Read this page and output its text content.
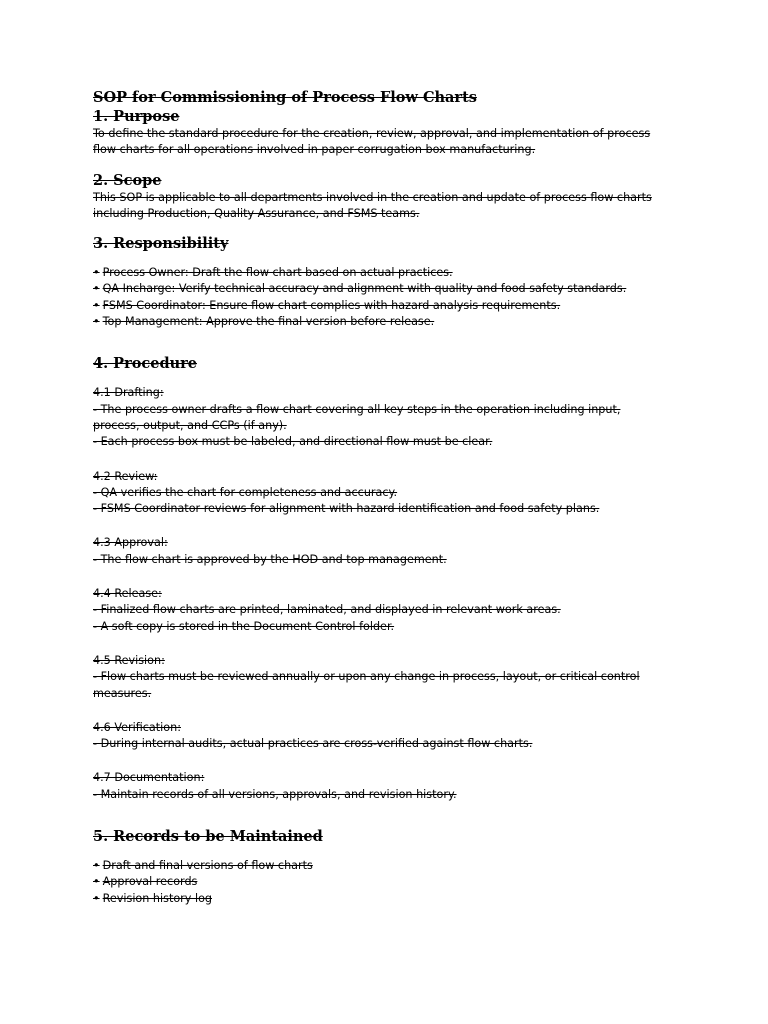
SOP for Commissioning of Process Flow Charts
1. Purpose
To define the standard procedure for the creation, review, approval, and implementation of process
flow charts for all operations involved in paper corrugation box manufacturing.
2. Scope
This SOP is applicable to all departments involved in the creation and update of process flow charts
including Production, Quality Assurance, and FSMS teams.
3. Responsibility
• Process Owner: Draft the flow chart based on actual practices.
• QA Incharge: Verify technical accuracy and alignment with quality and food safety standards.
• FSMS Coordinator: Ensure flow chart complies with hazard analysis requirements.
• Top Management: Approve the final version before release.
4. Procedure
4.1 Drafting:
- The process owner drafts a flow chart covering all key steps in the operation including input,
process, output, and CCPs (if any).
- Each process box must be labeled, and directional flow must be clear.
4.2 Review:
- QA verifies the chart for completeness and accuracy.
- FSMS Coordinator reviews for alignment with hazard identification and food safety plans.
4.3 Approval:
- The flow chart is approved by the HOD and top management.
4.4 Release:
- Finalized flow charts are printed, laminated, and displayed in relevant work areas.
- A soft copy is stored in the Document Control folder.
4.5 Revision:
- Flow charts must be reviewed annually or upon any change in process, layout, or critical control
measures.
4.6 Verification:
- During internal audits, actual practices are cross-verified against flow charts.
4.7 Documentation:
- Maintain records of all versions, approvals, and revision history.
5. Records to be Maintained
• Draft and final versions of flow charts
• Approval records
• Revision history log
